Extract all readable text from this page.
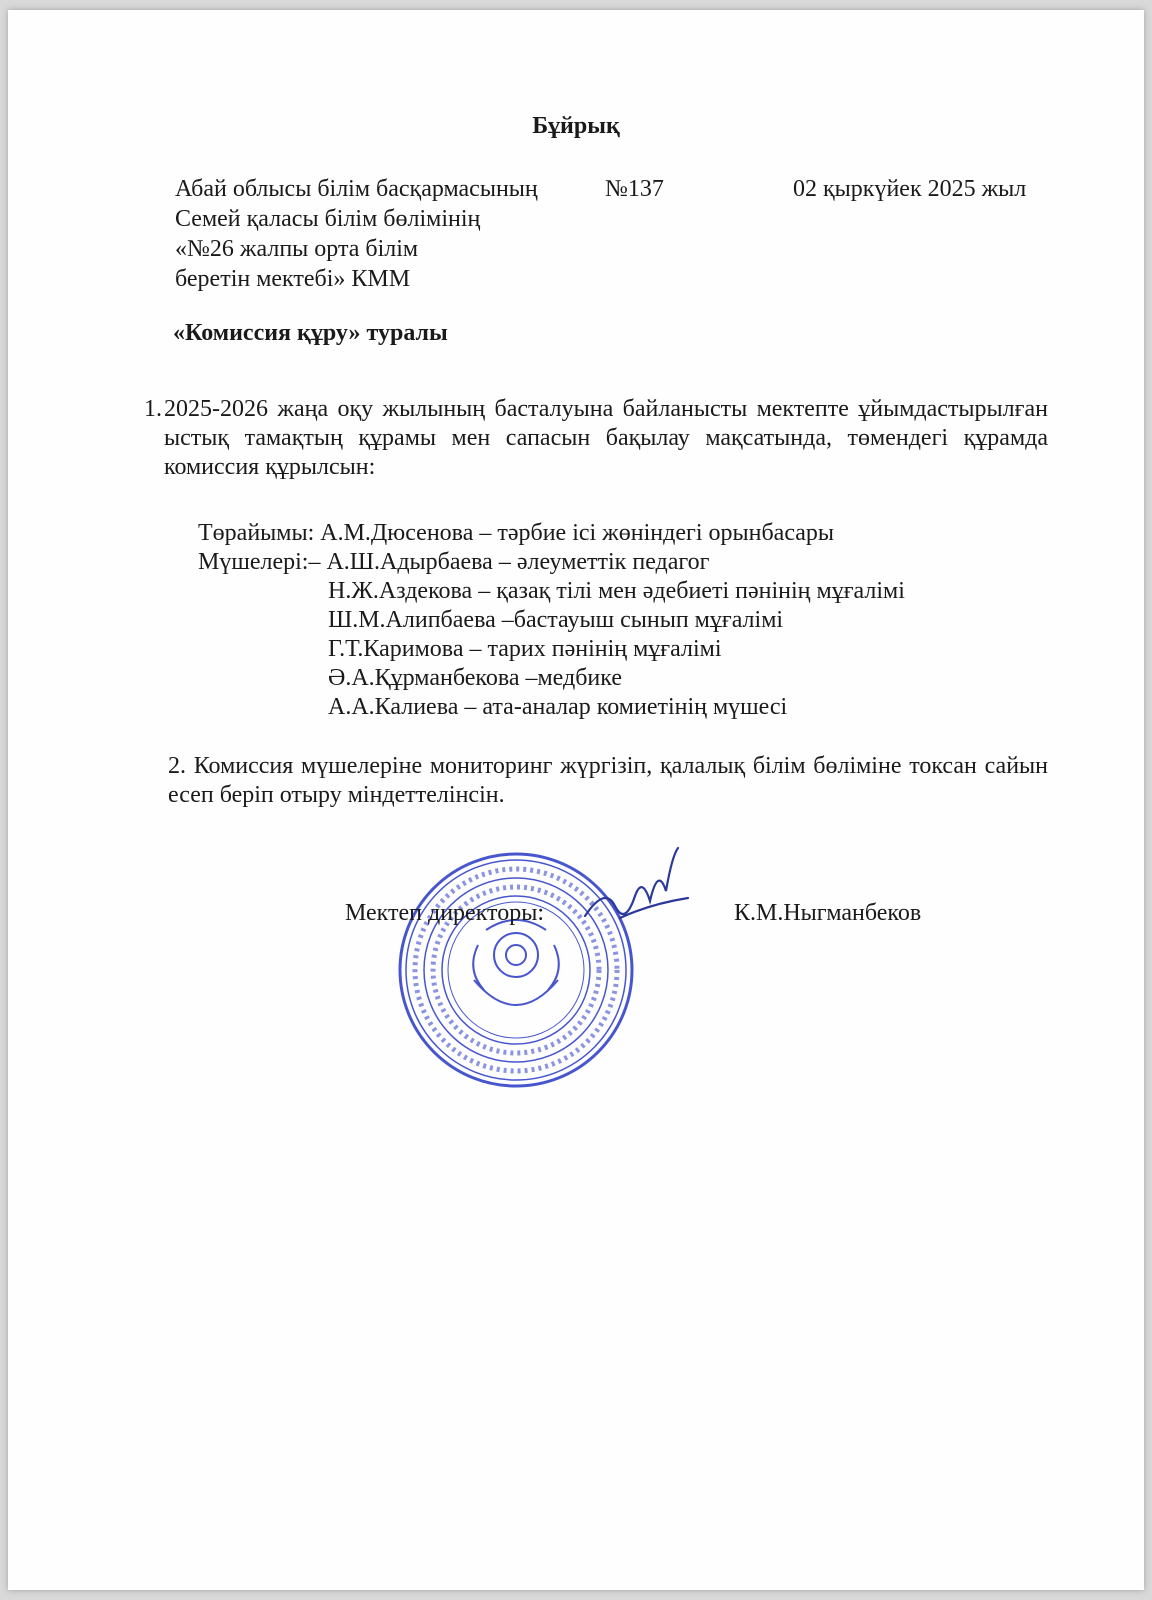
Бұйрық
Абай облысы білім басқармасының
Семей қаласы білім бөлімінің
«№26 жалпы орта білім
беретін мектебі» КММ
№137	02 қыркүйек 2025 жыл
«Комиссия құру» туралы
1. 2025-2026 жаңа оқу жылының басталуына байланысты мектепте ұйымдастырылған ыстық тамақтың құрамы мен сапасын бақылау мақсатында, төмендегі құрамда комиссия құрылсын:
Төрайымы: А.М.Дюсенова – тәрбие ісі жөніндегі орынбасары
Мүшелері:– А.Ш.Адырбаева – әлеуметтік педагог
Н.Ж.Аздекова – қазақ тілі мен әдебиеті пәнінің мұғалімі
Ш.М.Алипбаева –бастауыш сынып мұғалімі
Г.Т.Каримова – тарих пәнінің мұғалімі
Ә.А.Құрманбекова –медбике
А.А.Калиева – ата-аналар комиетінің мүшесі
2. Комиссия мүшелеріне мониторинг жүргізіп, қалалық білім бөліміне токсан сайын есеп беріп отыру міндеттелінсін.
Мектеп директоры:	К.М.Ныгманбеков
